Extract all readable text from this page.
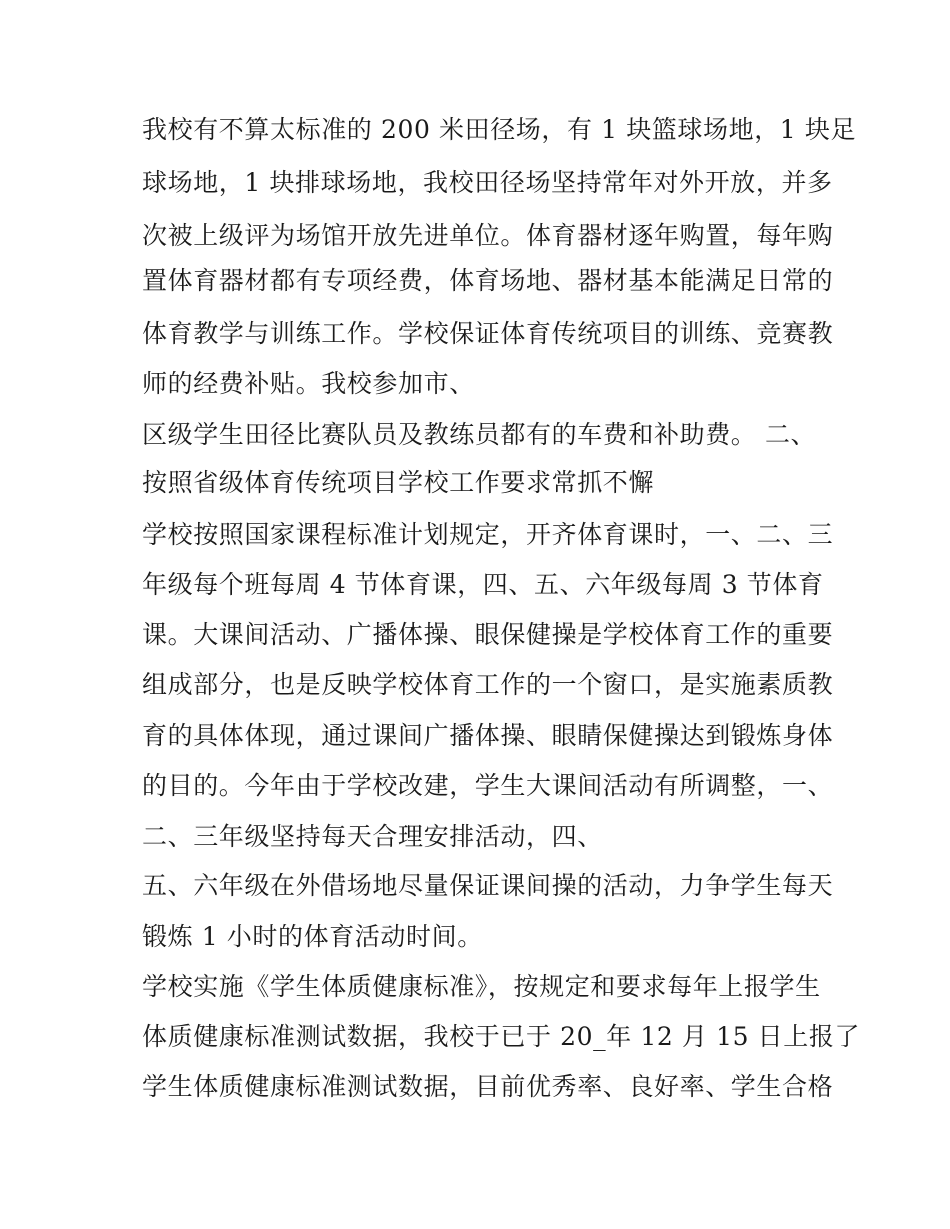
我校有不算太标准的 200 米田径场，有 1 块篮球场地，1 块足
球场地，1 块排球场地，我校田径场坚持常年对外开放，并多
次被上级评为场馆开放先进单位。体育器材逐年购置，每年购
置体育器材都有专项经费，体育场地、器材基本能满足日常的
体育教学与训练工作。学校保证体育传统项目的训练、竞赛教
师的经费补贴。我校参加市、
区级学生田径比赛队员及教练员都有的车费和补助费。 二、
按照省级体育传统项目学校工作要求常抓不懈
学校按照国家课程标准计划规定，开齐体育课时，一、二、三
年级每个班每周 4 节体育课，四、五、六年级每周 3 节体育
课。大课间活动、广播体操、眼保健操是学校体育工作的重要
组成部分，也是反映学校体育工作的一个窗口，是实施素质教
育的具体体现，通过课间广播体操、眼睛保健操达到锻炼身体
的目的。今年由于学校改建，学生大课间活动有所调整，一、
二、三年级坚持每天合理安排活动，四、
五、六年级在外借场地尽量保证课间操的活动，力争学生每天
锻炼 1 小时的体育活动时间。
学校实施《学生体质健康标准》，按规定和要求每年上报学生
体质健康标准测试数据，我校于已于 20_年 12 月 15 日上报了
学生体质健康标准测试数据，目前优秀率、良好率、学生合格
